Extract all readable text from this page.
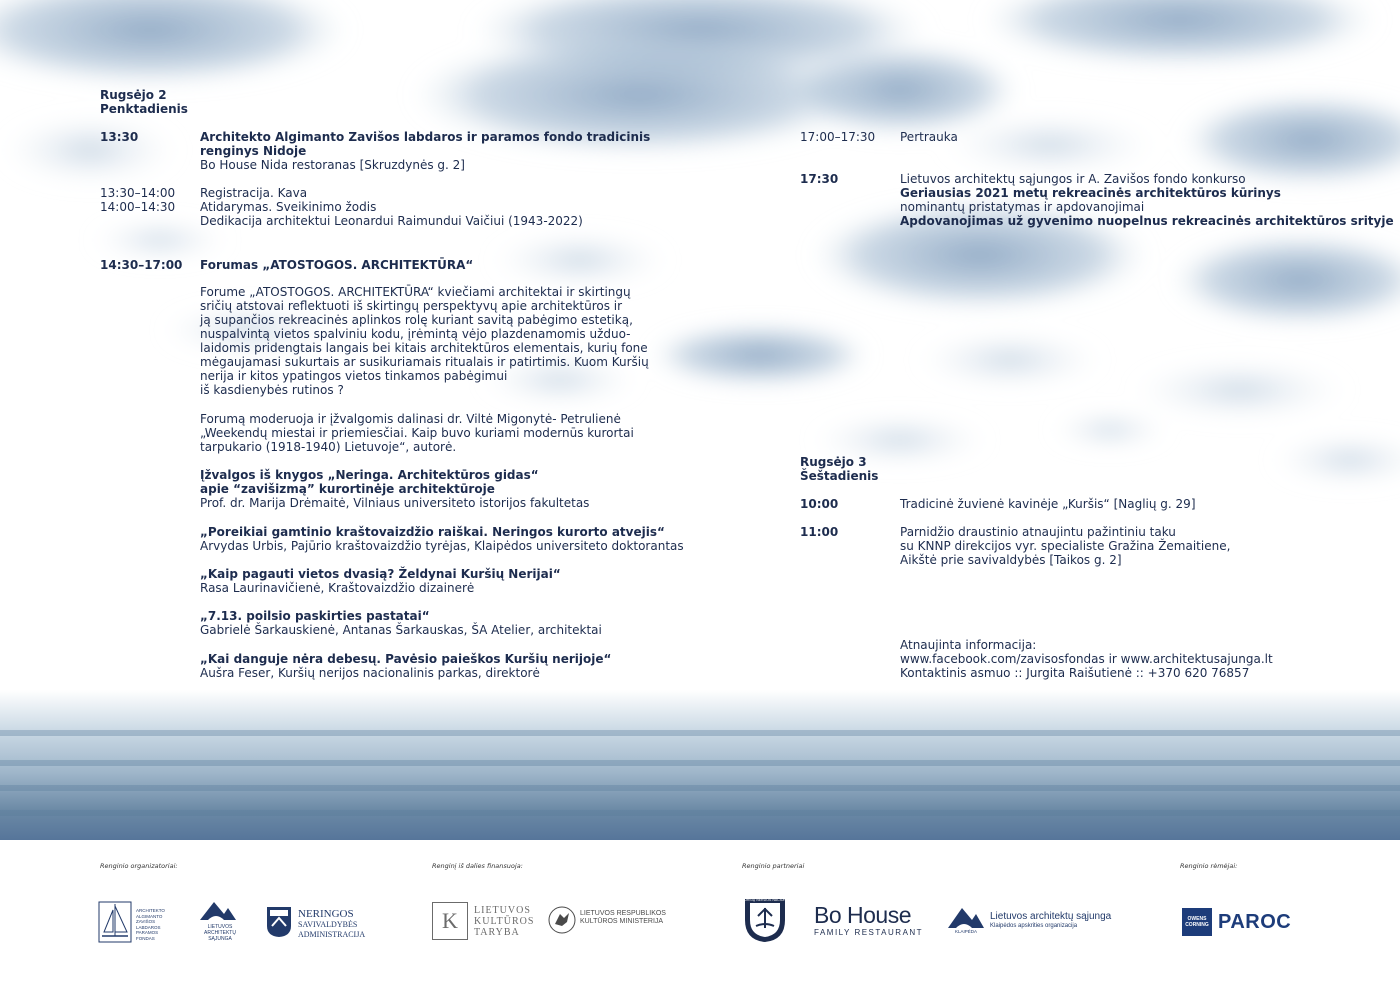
Rugsėjo 2
Penktadienis
13:30	Architekto Algimanto Zavišos labdaros ir paramos fondo tradicinis
renginys Nidoje
Bo House Nida restoranas [Skruzdynės g. 2]
13:30–14:00 Registracija. Kava
14:00–14:30 Atidarymas. Sveikinimo žodis
Dedikacija architektui Leonardui Raimundui Vaičiui (1943-2022)
14:30–17:00 Forumas „ATOSTOGOS. ARCHITEKTŪRA“
Forume „ATOSTOGOS. ARCHITEKTŪRA“ kviečiami architektai ir skirtingų
sričių atstovai reflektuoti iš skirtingų perspektyvų apie architektūros ir
ją supančios rekreacinės aplinkos rolę kuriant savitą pabėgimo estetiką,
nuspalvintą vietos spalviniu kodu, įrėmintą vėjo plazdenamomis užduo-
laidomis pridengtais langais bei kitais architektūros elementais, kurių fone
mėgaujamasi sukurtais ar susikuriamais ritualais ir patirtimis. Kuom Kuršių
nerija ir kitos ypatingos vietos tinkamos pabėgimui
iš kasdienybės rutinos ?
Forumą moderuoja ir įžvalgomis dalinasi dr. Viltė Migonytė- Petrulienė
„Weekendų miestai ir priemiesčiai. Kaip buvo kuriami modernūs kurortai
tarpukario (1918-1940) Lietuvoje“, autorė.
Įžvalgos iš knygos „Neringa. Architektūros gidas“
apie “zavišizmą” kurortinėje architektūroje
Prof. dr. Marija Drėmaitė, Vilniaus universiteto istorijos fakultetas
„Poreikiai gamtinio kraštovaizdžio raiškai. Neringos kurorto atvejis“
Arvydas Urbis, Pajūrio kraštovaizdžio tyrėjas, Klaipėdos universiteto doktorantas
„Kaip pagauti vietos dvasią? Želdynai Kuršių Nerijai“
Rasa Laurinavičienė, Kraštovaizdžio dizainerė
„7.13. poilsio paskirties pastatai“
Gabrielė Šarkauskienė, Antanas Šarkauskas, ŠA Atelier, architektai
„Kai danguje nėra debesų. Pavėsio paieškos Kuršių nerijoje“
Aušra Feser, Kuršių nerijos nacionalinis parkas, direktorė
17:00–17:30 Pertrauka
17:30	Lietuvos architektų sąjungos ir A. Zavišos fondo konkurso
Geriausias 2021 metų rekreacinės architektūros kūrinys
nominantų pristatymas ir apdovanojimai
Apdovanojimas už gyvenimo nuopelnus rekreacinės architektūros srityje
Rugsėjo 3
Šeštadienis
10:00	Tradicinė žuvienė kavinėje „Kuršis“ [Naglių g. 29]
11:00	Parnidžio draustinio atnaujintu pažintiniu taku
su KNNP direkcijos vyr. specialiste Gražina Žemaitiene,
Aikštė prie savivaldybės [Taikos g. 2]
Atnaujinta informacija:
www.facebook.com/zavisosfondas ir www.architektusajunga.lt
Kontaktinis asmuo :: Jurgita Raišutienė :: +370 620 76857
Renginio organizatoriai:	Renginį iš dalies finansuoja:	Renginio partneriai	Renginio rėmėjai:
ARCHITEKTO
ALGIMANTO
ZAVIŠOS
LABDAROS
PARAMOS
FONDAS
LIETUVOS
ARCHITEKTŲ
SĄJUNGA
NERINGOS
SAVIVALDYBĖS
ADMINISTRACIJA
K	LIETUVOS
KULTŪROS
TARYBA
LIETUVOS RESPUBLIKOS
KULTŪROS MINISTERIJA
KURŠIŲ NERIJOS NACIONALINIS PARKAS
Bo House
FAMILY RESTAURANT	KLAIPĖDA
Lietuvos architektų sąjunga
Klaipėdos apskrities organizacija
OWENS
CORNING PAROC
